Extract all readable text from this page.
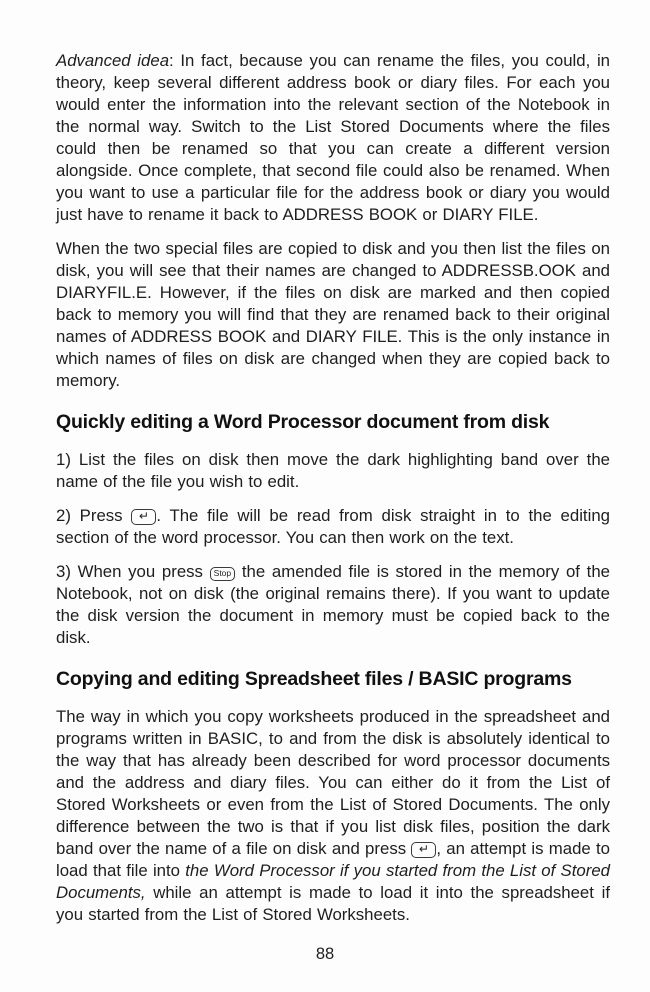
Advanced idea: In fact, because you can rename the files, you could, in theory, keep several different address book or diary files. For each you would enter the information into the relevant section of the Notebook in the normal way. Switch to the List Stored Documents where the files could then be renamed so that you can create a different version alongside. Once complete, that second file could also be renamed. When you want to use a particular file for the address book or diary you would just have to rename it back to ADDRESS BOOK or DIARY FILE.

When the two special files are copied to disk and you then list the files on disk, you will see that their names are changed to ADDRESSB.OOK and DIARYFIL.E. However, if the files on disk are marked and then copied back to memory you will find that they are renamed back to their original names of ADDRESS BOOK and DIARY FILE. This is the only instance in which names of files on disk are changed when they are copied back to memory.

Quickly editing a Word Processor document from disk

1) List the files on disk then move the dark highlighting band over the name of the file you wish to edit.

2) Press ↵ . The file will be read from disk straight in to the editing section of the word processor. You can then work on the text.

3) When you press Stop the amended file is stored in the memory of the Notebook, not on disk (the original remains there). If you want to update the disk version the document in memory must be copied back to the disk.

Copying and editing Spreadsheet files / BASIC programs

The way in which you copy worksheets produced in the spreadsheet and programs written in BASIC, to and from the disk is absolutely identical to the way that has already been described for word processor documents and the address and diary files. You can either do it from the List of Stored Worksheets or even from the List of Stored Documents. The only difference between the two is that if you list disk files, position the dark band over the name of a file on disk and press ↵ , an attempt is made to load that file into the Word Processor if you started from the List of Stored Documents, while an attempt is made to load it into the spreadsheet if you started from the List of Stored Worksheets.

88
